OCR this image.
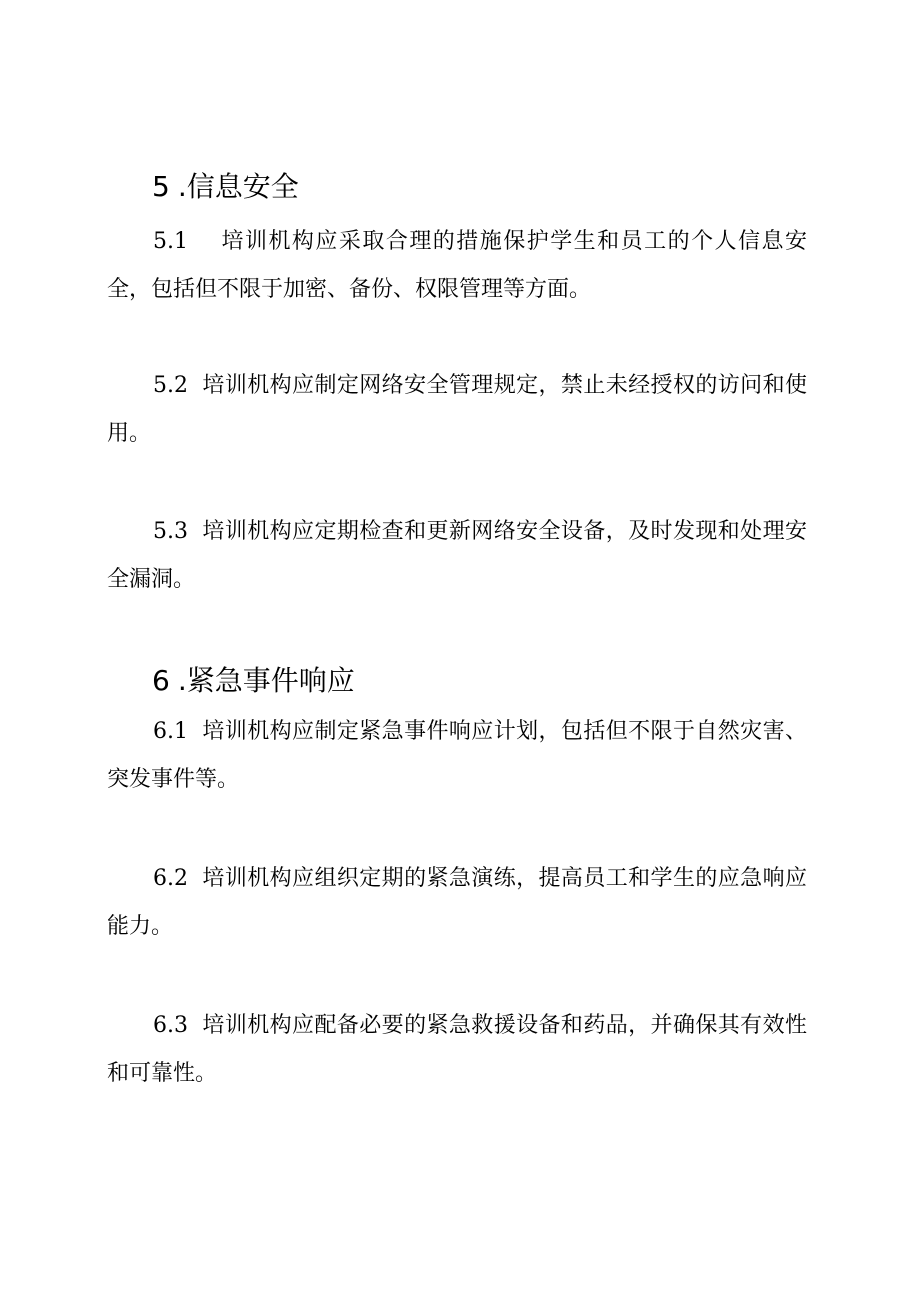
5 .信息安全
5.1 培训机构应采取合理的措施保护学生和员工的个人信息安全，包括但不限于加密、备份、权限管理等方面。
5.2 培训机构应制定网络安全管理规定，禁止未经授权的访问和使用。
5.3 培训机构应定期检查和更新网络安全设备，及时发现和处理安全漏洞。
6 .紧急事件响应
6.1 培训机构应制定紧急事件响应计划，包括但不限于自然灾害、突发事件等。
6.2 培训机构应组织定期的紧急演练，提高员工和学生的应急响应能力。
6.3 培训机构应配备必要的紧急救援设备和药品，并确保其有效性和可靠性。
